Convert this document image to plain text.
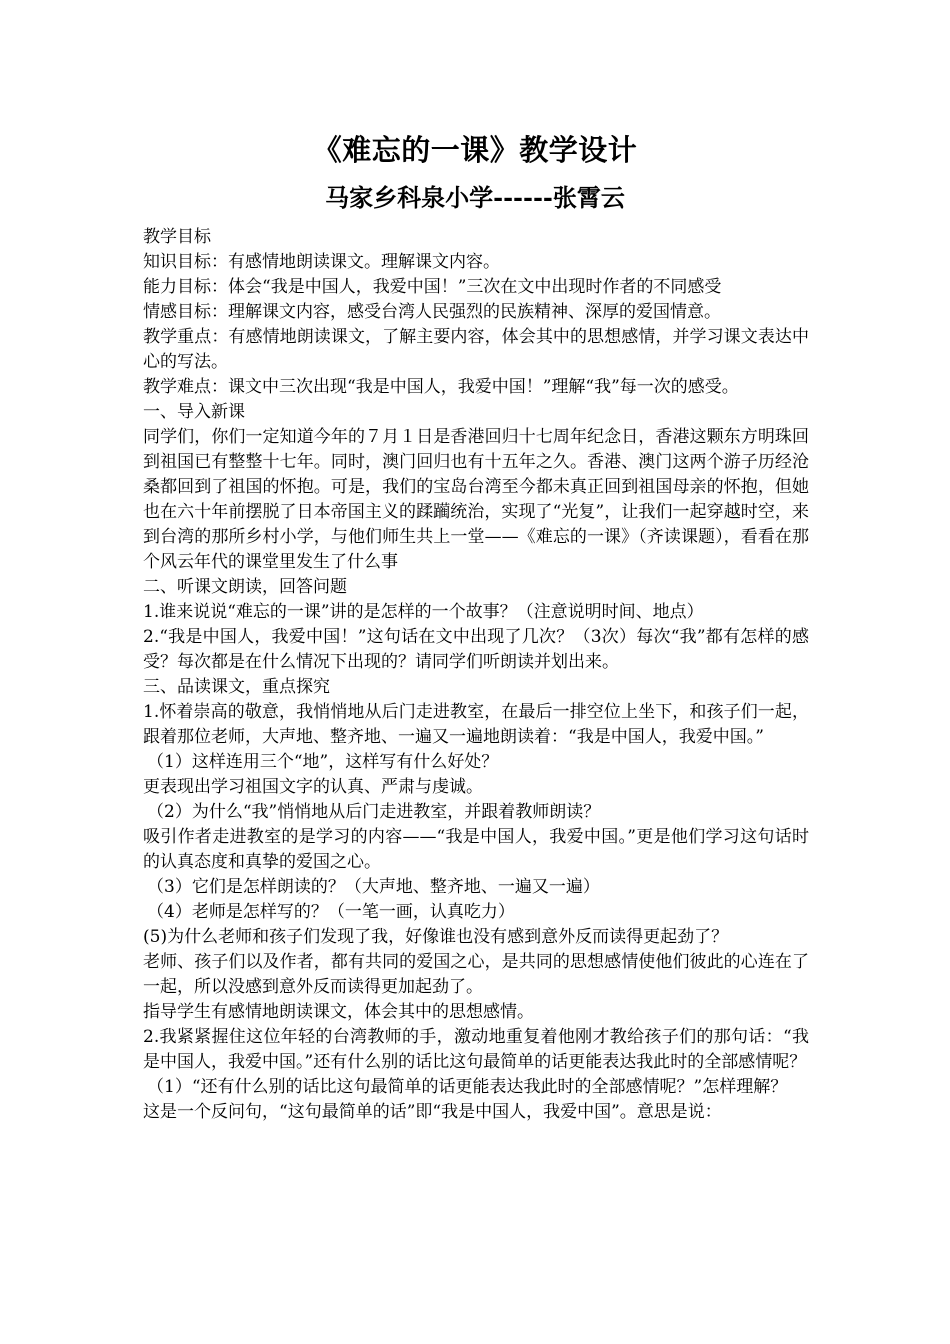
《难忘的一课》教学设计
马家乡科泉小学------张霄云

教学目标

知识目标：有感情地朗读课文。理解课文内容。

能力目标：体会“我是中国人，我爱中国！”三次在文中出现时作者的不同感受

情感目标：理解课文内容，感受台湾人民强烈的民族精神、深厚的爱国情意。

教学重点：有感情地朗读课文，了解主要内容，体会其中的思想感情，并学习课文表达中心的写法。

教学难点：课文中三次出现“我是中国人，我爱中国！”理解“我”每一次的感受。

一、导入新课

同学们，你们一定知道今年的７月１日是香港回归十七周年纪念日，香港这颗东方明珠回到祖国已有整整十七年。同时，澳门回归也有十五年之久。香港、澳门这两个游子历经沧桑都回到了祖国的怀抱。可是，我们的宝岛台湾至今都未真正回到祖国母亲的怀抱，但她也在六十年前摆脱了日本帝国主义的蹂躏统治，实现了“光复”，让我们一起穿越时空，来到台湾的那所乡村小学，与他们师生共上一堂——《难忘的一课》（齐读课题），看看在那个风云年代的课堂里发生了什么事

二、听课文朗读，回答问题

1.谁来说说“难忘的一课”讲的是怎样的一个故事？（注意说明时间、地点）

2.“我是中国人，我爱中国！”这句话在文中出现了几次？（3次）每次“我”都有怎样的感受？每次都是在什么情况下出现的？请同学们听朗读并划出来。

三、品读课文，重点探究

1.怀着崇高的敬意，我悄悄地从后门走进教室，在最后一排空位上坐下，和孩子们一起，跟着那位老师，大声地、整齐地、一遍又一遍地朗读着：“我是中国人，我爱中国。”

（1）这样连用三个“地”，这样写有什么好处？

更表现出学习祖国文字的认真、严肃与虔诚。

（2）为什么“我”悄悄地从后门走进教室，并跟着教师朗读？

吸引作者走进教室的是学习的内容——“我是中国人，我爱中国。”更是他们学习这句话时的认真态度和真挚的爱国之心。

（3）它们是怎样朗读的？（大声地、整齐地、一遍又一遍）

（4）老师是怎样写的？（一笔一画，认真吃力）

(5)为什么老师和孩子们发现了我，好像谁也没有感到意外反而读得更起劲了？

老师、孩子们以及作者，都有共同的爱国之心，是共同的思想感情使他们彼此的心连在了一起，所以没感到意外反而读得更加起劲了。

指导学生有感情地朗读课文，体会其中的思想感情。

2.我紧紧握住这位年轻的台湾教师的手，激动地重复着他刚才教给孩子们的那句话：“我是中国人，我爱中国。”还有什么别的话比这句最简单的话更能表达我此时的全部感情呢？

（1）“还有什么别的话比这句最简单的话更能表达我此时的全部感情呢？”怎样理解？

这是一个反问句，“这句最简单的话”即“我是中国人，我爱中国”。意思是说：
